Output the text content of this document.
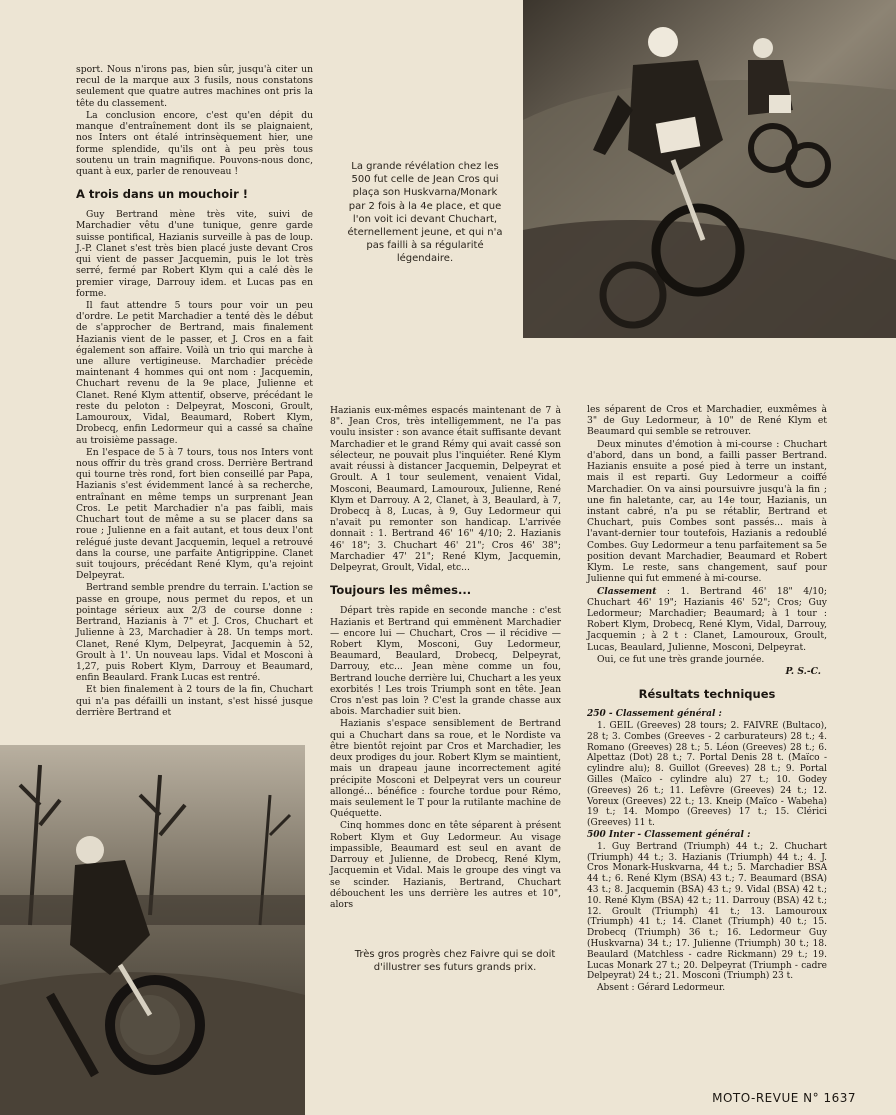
sport. Nous n'irons pas, bien sûr, jusqu'à citer un recul de la marque aux 3 fusils, nous constatons seulement que quatre autres machines ont pris la tête du classement.

La conclusion encore, c'est qu'en dépit du manque d'entraînement dont ils se plaignaient, nos Inters ont étalé intrinsèquement hier, une forme splendide, qu'ils ont à peu près tous soutenu un train magnifique. Pouvons-nous donc, quant à eux, parler de renouveau !

A trois dans un mouchoir !

Guy Bertrand mène très vite, suivi de Marchadier vêtu d'une tunique, genre garde suisse pontifical, Hazianis surveille à pas de loup. J.-P. Clanet s'est très bien placé juste devant Cros qui vient de passer Jacquemin, puis le lot très serré, fermé par Robert Klym qui a calé dès le premier virage, Darrouy idem. et Lucas pas en forme.

Il faut attendre 5 tours pour voir un peu d'ordre. Le petit Marchadier a tenté dès le début de s'approcher de Bertrand, mais finalement Hazianis vient de le passer, et J. Cros en a fait également son affaire. Voilà un trio qui marche à une allure vertigineuse. Marchadier précède maintenant 4 hommes qui ont nom : Jacquemin, Chuchart revenu de la 9e place, Julienne et Clanet. René Klym attentif, observe, précédant le reste du peloton : Delpeyrat, Mosconi, Groult, Lamouroux, Vidal, Beaumard, Robert Klym, Drobecq, enfin Ledormeur qui a cassé sa chaîne au troisième passage.

En l'espace de 5 à 7 tours, tous nos Inters vont nous offrir du très grand cross. Derrière Bertrand qui tourne très rond, fort bien conseillé par Papa, Hazianis s'est évidemment lancé à sa recherche, entraînant en même temps un surprenant Jean Cros. Le petit Marchadier n'a pas faibli, mais Chuchart tout de même a su se placer dans sa roue ; Julienne en a fait autant, et tous deux l'ont relégué juste devant Jacquemin, lequel a retrouvé dans la course, une parfaite Antigrippine. Clanet suit toujours, précédant René Klym, qu'a rejoint Delpeyrat.

Bertrand semble prendre du terrain. L'action se passe en groupe, nous permet du repos, et un pointage sérieux aux 2/3 de course donne : Bertrand, Hazianis à 7" et J. Cros, Chuchart et Julienne à 23, Marchadier à 28. Un temps mort. Clanet, René Klym, Delpeyrat, Jacquemin à 52, Groult à 1'. Un nouveau laps. Vidal et Mosconi à 1,27, puis Robert Klym, Darrouy et Beaumard, enfin Beaulard. Frank Lucas est rentré.

Et bien finalement à 2 tours de la fin, Chuchart qui n'a pas défailli un instant, s'est hissé jusque derrière Bertrand et

La grande révélation chez les 500 fut celle de Jean Cros qui plaça son Huskvarna/Monark par 2 fois à la 4e place, et que l'on voit ici devant Chuchart, éternellement jeune, et qui n'a pas failli à sa régularité légendaire.

Hazianis eux-mêmes espacés maintenant de 7 à 8". Jean Cros, très intelligemment, ne l'a pas voulu insister : son avance était suffisante devant Marchadier et le grand Rémy qui avait cassé son sélecteur, ne pouvait plus l'inquiéter. René Klym avait réussi à distancer Jacquemin, Delpeyrat et Groult. A 1 tour seulement, venaient Vidal, Mosconi, Beaumard, Lamouroux, Julienne, René Klym et Darrouy. A 2, Clanet, à 3, Beaulard, à 7, Drobecq à 8, Lucas, à 9, Guy Ledormeur qui n'avait pu remonter son handicap. L'arrivée donnait : 1. Bertrand 46' 16" 4/10; 2. Hazianis 46' 18"; 3. Chuchart 46' 21"; Cros 46' 38"; Marchadier 47' 21"; René Klym, Jacquemin, Delpeyrat, Groult, Vidal, etc...

Toujours les mêmes...

Départ très rapide en seconde manche : c'est Hazianis et Bertrand qui emmènent Marchadier — encore lui — Chuchart, Cros — il récidive — Robert Klym, Mosconi, Guy Ledormeur, Beaumard, Beaulard, Drobecq, Delpeyrat, Darrouy, etc... Jean mène comme un fou, Bertrand louche derrière lui, Chuchart a les yeux exorbités ! Les trois Triumph sont en tête. Jean Cros n'est pas loin ? C'est la grande chasse aux abois. Marchadier suit bien.

Hazianis s'espace sensiblement de Bertrand qui a Chuchart dans sa roue, et le Nordiste va être bientôt rejoint par Cros et Marchadier, les deux prodiges du jour. Robert Klym se maintient, mais un drapeau jaune incorrectement agité précipite Mosconi et Delpeyrat vers un coureur allongé... bénéfice : fourche tordue pour Rémo, mais seulement le T pour la rutilante machine de Quéquette.

Cinq hommes donc en tête séparent à présent Robert Klym et Guy Ledormeur. Au visage impassible, Beaumard est seul en avant de Darrouy et Julienne, de Drobecq, René Klym, Jacquemin et Vidal. Mais le groupe des vingt va se scinder. Hazianis, Bertrand, Chuchart débouchent les uns derrière les autres et 10", alors

Très gros progrès chez Faivre qui se doit d'illustrer ses futurs grands prix.

les séparent de Cros et Marchadier, euxmêmes à 3" de Guy Ledormeur, à 10" de René Klym et Beaumard qui semble se retrouver.

Deux minutes d'émotion à mi-course : Chuchart d'abord, dans un bond, a failli passer Bertrand. Hazianis ensuite a posé pied à terre un instant, mais il est reparti. Guy Ledormeur a coiffé Marchadier. On va ainsi poursuivre jusqu'à la fin ; une fin haletante, car, au 14e tour, Hazianis, un instant cabré, n'a pu se rétablir, Bertrand et Chuchart, puis Combes sont passés... mais à l'avant-dernier tour toutefois, Hazianis a redoublé Combes. Guy Ledormeur a tenu parfaitement sa 5e position devant Marchadier, Beaumard et Robert Klym. Le reste, sans changement, sauf pour Julienne qui fut emmené à mi-course.

Classement : 1. Bertrand 46' 18" 4/10; Chuchart 46' 19"; Hazianis 46' 52"; Cros; Guy Ledormeur; Marchadier; Beaumard; à 1 tour : Robert Klym, Drobecq, René Klym, Vidal, Darrouy, Jacquemin ; à 2 t : Clanet, Lamouroux, Groult, Lucas, Beaulard, Julienne, Mosconi, Delpeyrat.

Oui, ce fut une très grande journée.

P. S.-C.
Résultats techniques

250 - Classement général :

1. GEIL (Greeves) 28 tours; 2. FAIVRE (Bultaco), 28 t; 3. Combes (Greeves - 2 carburateurs) 28 t.; 4. Romano (Greeves) 28 t.; 5. Léon (Greeves) 28 t.; 6. Alpettaz (Dot) 28 t.; 7. Portal Denis 28 t. (Maïco - cylindre alu); 8. Guillot (Greeves) 28 t.; 9. Portal Gilles (Maïco - cylindre alu) 27 t.; 10. Godey (Greeves) 26 t.; 11. Lefèvre (Greeves) 24 t.; 12. Voreux (Greeves) 22 t.; 13. Kneip (Maïco - Wabeha) 19 t.; 14. Mompo (Greeves) 17 t.; 15. Clérici (Greeves) 11 t.

500 Inter - Classement général :

1. Guy Bertrand (Triumph) 44 t.; 2. Chuchart (Triumph) 44 t.; 3. Hazianis (Triumph) 44 t.; 4. J. Cros Monark-Huskvarna, 44 t.; 5. Marchadier BSA 44 t.; 6. René Klym (BSA) 43 t.; 7. Beaumard (BSA) 43 t.; 8. Jacquemin (BSA) 43 t.; 9. Vidal (BSA) 42 t.; 10. René Klym (BSA) 42 t.; 11. Darrouy (BSA) 42 t.; 12. Groult (Triumph) 41 t.; 13. Lamouroux (Triumph) 41 t.; 14. Clanet (Triumph) 40 t.; 15. Drobecq (Triumph) 36 t.; 16. Ledormeur Guy (Huskvarna) 34 t.; 17. Julienne (Triumph) 30 t.; 18. Beaulard (Matchless - cadre Rickmann) 29 t.; 19. Lucas Monark 27 t.; 20. Delpeyrat (Triumph - cadre Delpeyrat) 24 t.; 21. Mosconi (Triumph) 23 t.

Absent : Gérard Ledormeur.

MOTO-REVUE N° 1637
